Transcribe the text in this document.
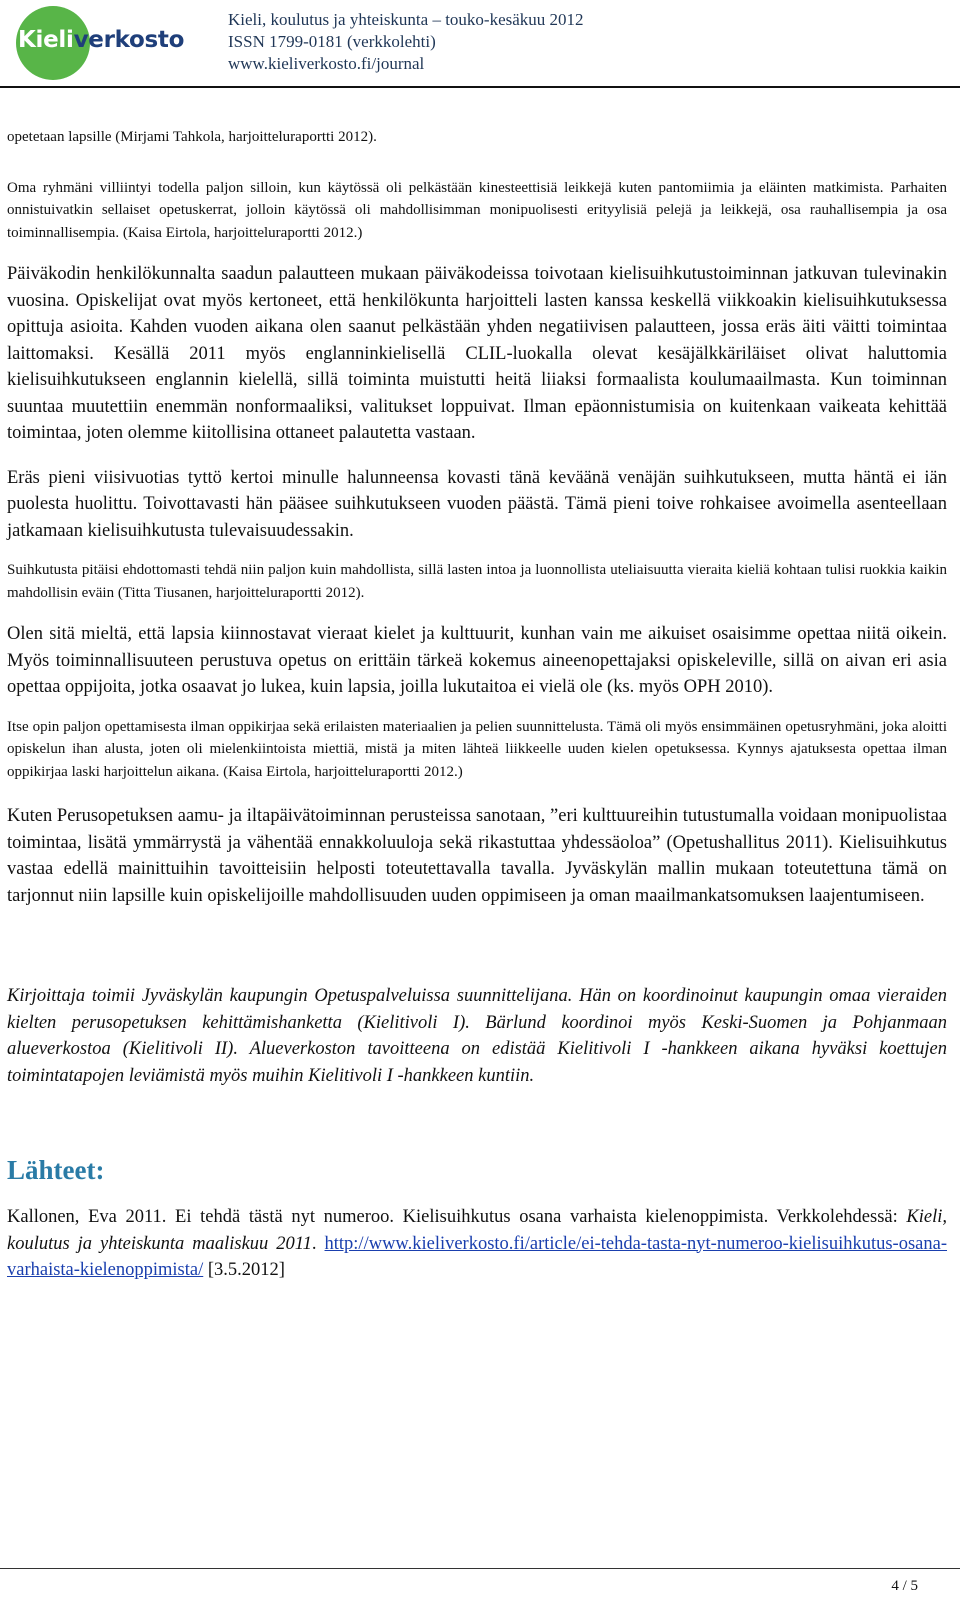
Kieliverkosto
Kieli, koulutus ja yhteiskunta – touko-kesäkuu 2012
ISSN 1799-0181 (verkkolehti)
www.kieliverkosto.fi/journal

opetetaan lapsille (Mirjami Tahkola, harjoitteluraportti 2012).

Oma ryhmäni villiintyi todella paljon silloin, kun käytössä oli pelkästään kinesteettisiä leikkejä kuten pantomiimia ja eläinten matkimista. Parhaiten onnistuivatkin sellaiset opetuskerrat, jolloin käytössä oli mahdollisimman monipuolisesti erityylisiä pelejä ja leikkejä, osa rauhallisempia ja osa toiminnallisempia. (Kaisa Eirtola, harjoitteluraportti 2012.)

Päiväkodin henkilökunnalta saadun palautteen mukaan päiväkodeissa toivotaan kielisuihkutustoiminnan jatkuvan tulevinakin vuosina. Opiskelijat ovat myös kertoneet, että henkilökunta harjoitteli lasten kanssa keskellä viikkoakin kielisuihkutuksessa opittuja asioita. Kahden vuoden aikana olen saanut pelkästään yhden negatiivisen palautteen, jossa eräs äiti väitti toimintaa laittomaksi. Kesällä 2011 myös englanninkielisellä CLIL-luokalla olevat kesäjälkkäriläiset olivat haluttomia kielisuihkutukseen englannin kielellä, sillä toiminta muistutti heitä liiaksi formaalista koulumaailmasta. Kun toiminnan suuntaa muutettiin enemmän nonformaaliksi, valitukset loppuivat. Ilman epäonnistumisia on kuitenkaan vaikeata kehittää toimintaa, joten olemme kiitollisina ottaneet palautetta vastaan.

Eräs pieni viisivuotias tyttö kertoi minulle halunneensa kovasti tänä keväänä venäjän suihkutukseen, mutta häntä ei iän puolesta huolittu. Toivottavasti hän pääsee suihkutukseen vuoden päästä. Tämä pieni toive rohkaisee avoimella asenteellaan jatkamaan kielisuihkutusta tulevaisuudessakin.

Suihkutusta pitäisi ehdottomasti tehdä niin paljon kuin mahdollista, sillä lasten intoa ja luonnollista uteliaisuutta vieraita kieliä kohtaan tulisi ruokkia kaikin mahdollisin eväin (Titta Tiusanen, harjoitteluraportti 2012).

Olen sitä mieltä, että lapsia kiinnostavat vieraat kielet ja kulttuurit, kunhan vain me aikuiset osaisimme opettaa niitä oikein. Myös toiminnallisuuteen perustuva opetus on erittäin tärkeä kokemus aineenopettajaksi opiskeleville, sillä on aivan eri asia opettaa oppijoita, jotka osaavat jo lukea, kuin lapsia, joilla lukutaitoa ei vielä ole (ks. myös OPH 2010).

Itse opin paljon opettamisesta ilman oppikirjaa sekä erilaisten materiaalien ja pelien suunnittelusta. Tämä oli myös ensimmäinen opetusryhmäni, joka aloitti opiskelun ihan alusta, joten oli mielenkiintoista miettiä, mistä ja miten lähteä liikkeelle uuden kielen opetuksessa. Kynnys ajatuksesta opettaa ilman oppikirjaa laski harjoittelun aikana. (Kaisa Eirtola, harjoitteluraportti 2012.)

Kuten Perusopetuksen aamu- ja iltapäivätoiminnan perusteissa sanotaan, ”eri kulttuureihin tutustumalla voidaan monipuolistaa toimintaa, lisätä ymmärrystä ja vähentää ennakkoluuloja sekä rikastuttaa yhdessäoloa” (Opetushallitus 2011). Kielisuihkutus vastaa edellä mainittuihin tavoitteisiin helposti toteutettavalla tavalla. Jyväskylän mallin mukaan toteutettuna tämä on tarjonnut niin lapsille kuin opiskelijoille mahdollisuuden uuden oppimiseen ja oman maailmankatsomuksen laajentumiseen.

Kirjoittaja toimii Jyväskylän kaupungin Opetuspalveluissa suunnittelijana. Hän on koordinoinut kaupungin omaa vieraiden kielten perusopetuksen kehittämishanketta (Kielitivoli I). Bärlund koordinoi myös Keski-Suomen ja Pohjanmaan alueverkostoa (Kielitivoli II). Alueverkoston tavoitteena on edistää Kielitivoli I -hankkeen aikana hyväksi koettujen toimintatapojen leviämistä myös muihin Kielitivoli I -hankkeen kuntiin.

Lähteet:

Kallonen, Eva 2011. Ei tehdä tästä nyt numeroo. Kielisuihkutus osana varhaista kielenoppimista. Verkkolehdessä: Kieli, koulutus ja yhteiskunta maaliskuu 2011. http://www.kieliverkosto.fi/article/ei-tehda-tasta-nyt-numeroo-kielisuihkutus-osana-varhaista-kielenoppimista/ [3.5.2012]

4 / 5
